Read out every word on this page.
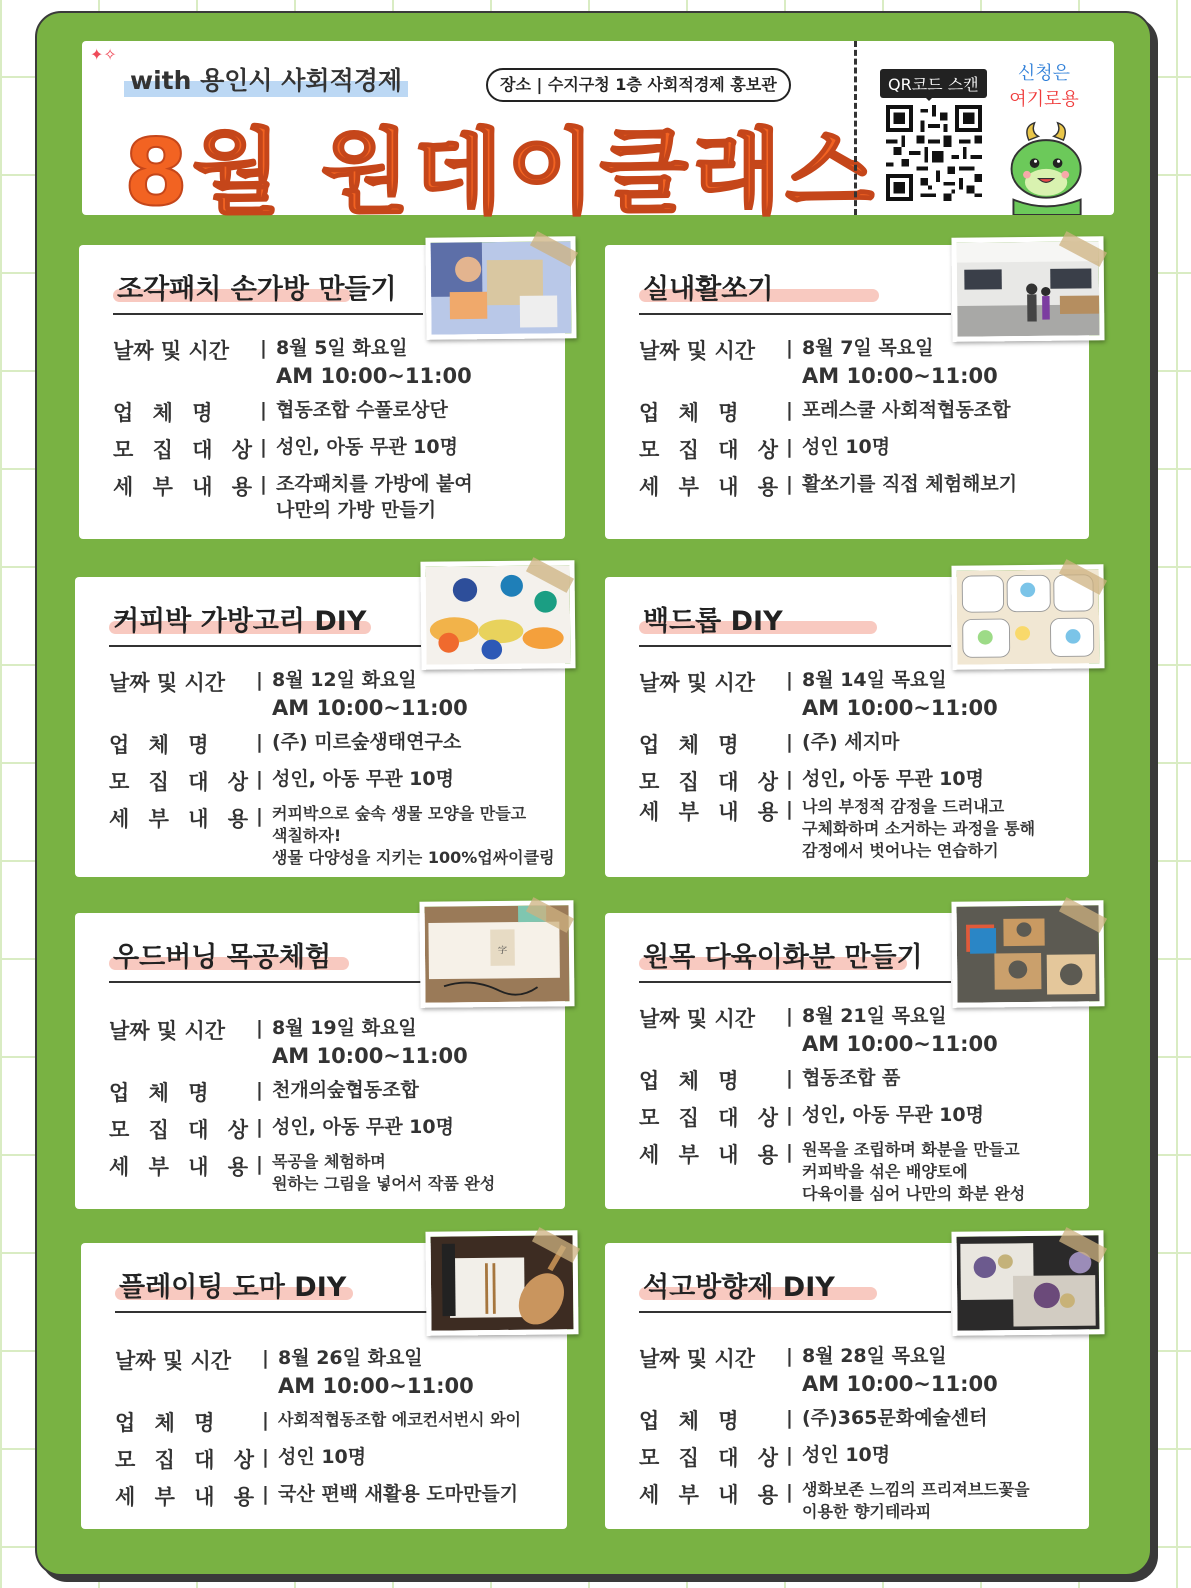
✦✧
with 용인시 사회적경제	장소 | 수지구청 1층 사회적경제 홍보관
8월 원데이클래스
QR코드 스캔
신청은
여기로용
조각패치 손가방 만들기
날짜 및 시간	| 8월 5일 화요일
AM 10:00~11:00
업 체 명	| 협동조합 수풀로상단
모 집 대 상 | 성인, 아동 무관 10명
세 부 내 용 | 조각패치를 가방에 붙여
나만의 가방 만들기
실내활쏘기
날짜 및 시간	| 8월 7일 목요일
AM 10:00~11:00
업 체 명	| 포레스쿨 사회적협동조합
모 집 대 상 | 성인 10명
세 부 내 용 | 활쏘기를 직접 체험해보기
커피박 가방고리 DIY
날짜 및 시간	| 8월 12일 화요일
AM 10:00~11:00
업 체 명	| (주) 미르숲생태연구소
모 집 대 상 | 성인, 아동 무관 10명
세 부 내 용 | 커피박으로 숲속 생물 모양을 만들고
색칠하자!
생물 다양성을 지키는 100%업싸이클링
백드롭 DIY
날짜 및 시간	| 8월 14일 목요일
AM 10:00~11:00
업 체 명	| (주) 세지마
모 집 대 상 | 성인, 아동 무관 10명
세 부 내 용 | 나의 부정적 감정을 드러내고
구체화하며 소거하는 과정을 통해
감정에서 벗어나는 연습하기
우드버닝 목공체험
날짜 및 시간	| 8월 19일 화요일
AM 10:00~11:00
업 체 명	| 천개의숲협동조합
모 집 대 상 | 성인, 아동 무관 10명
세 부 내 용 | 목공을 체험하며
원하는 그림을 넣어서 작품 완성
字	원목 다육이화분 만들기
날짜 및 시간	| 8월 21일 목요일
AM 10:00~11:00
업 체 명	| 협동조합 품
모 집 대 상 | 성인, 아동 무관 10명
세 부 내 용 | 원목을 조립하며 화분을 만들고
커피박을 섞은 배양토에
다육이를 심어 나만의 화분 완성
플레이팅 도마 DIY
날짜 및 시간	| 8월 26일 화요일
AM 10:00~11:00
업 체 명	| 사회적협동조합 에코컨서번시 와이
모 집 대 상 | 성인 10명
세 부 내 용 | 국산 편백 새활용 도마만들기
석고방향제 DIY
날짜 및 시간	| 8월 28일 목요일
AM 10:00~11:00
업 체 명	| (주)365문화예술센터
모 집 대 상 | 성인 10명
세 부 내 용 | 생화보존 느낌의 프리져브드꽃을
이용한 향기테라피
